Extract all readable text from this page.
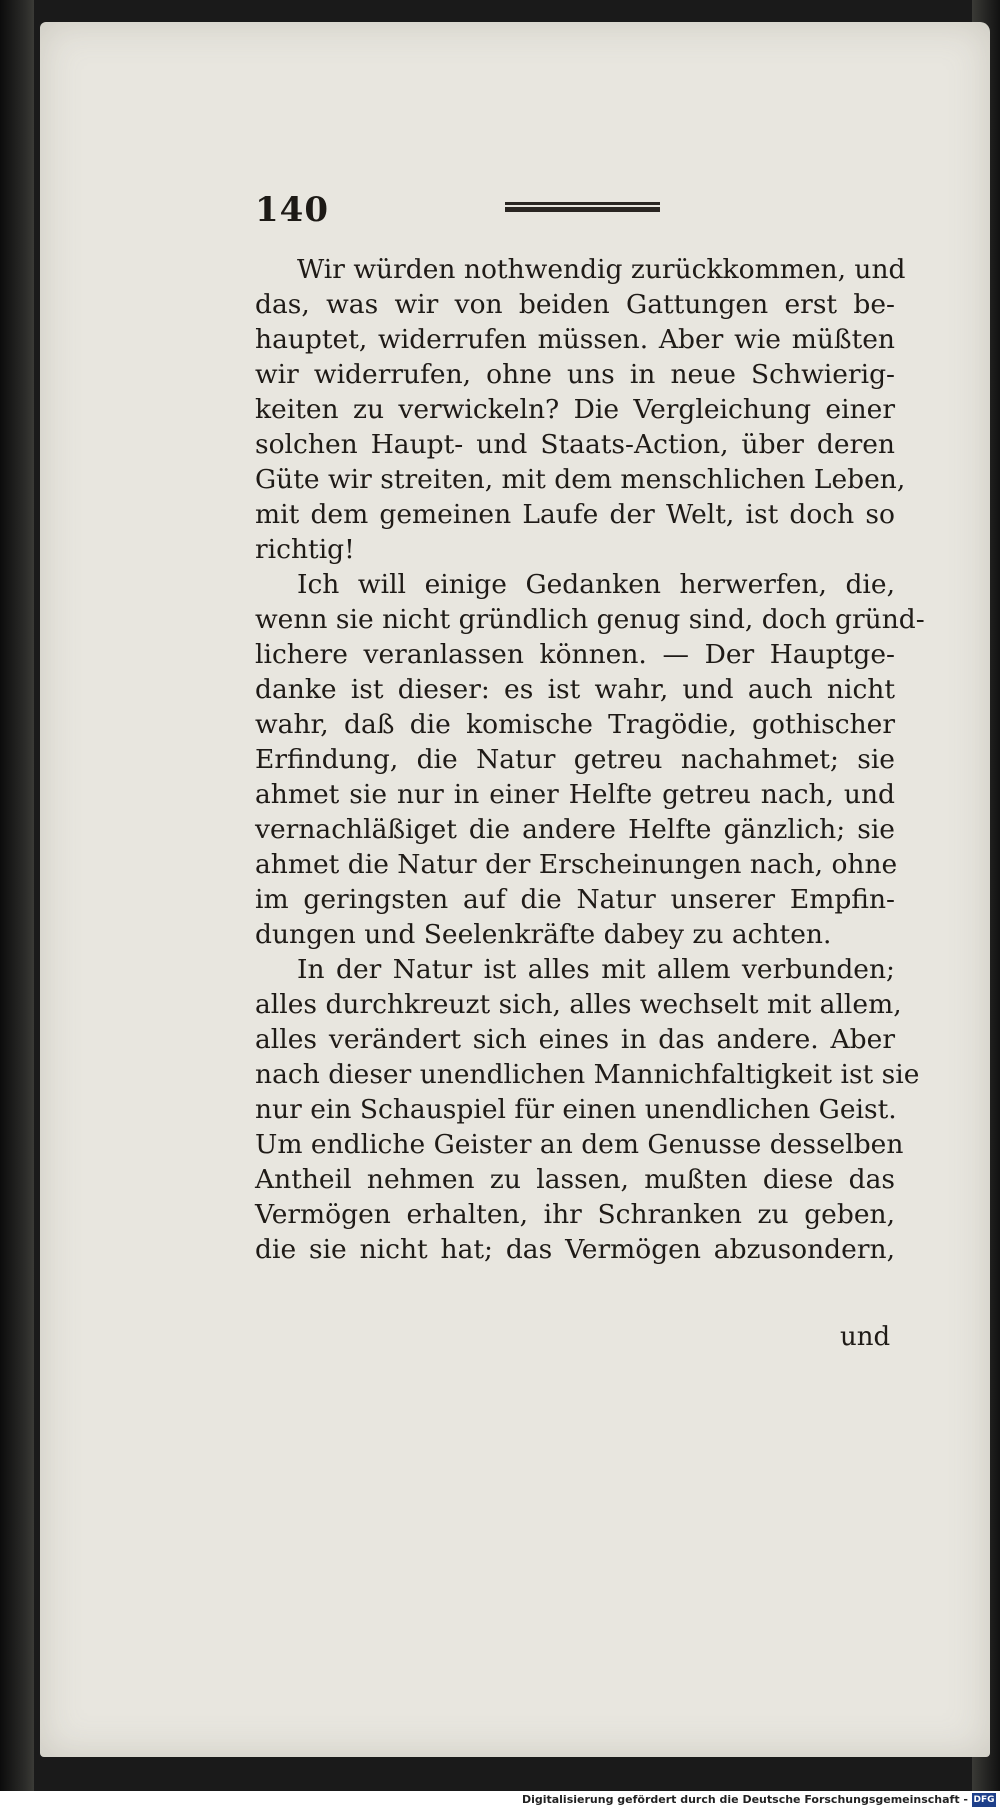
140

Wir würden nothwendig zurückkommen, und
das, was wir von beiden Gattungen erst be-
hauptet, widerrufen müssen. Aber wie müßten
wir widerrufen, ohne uns in neue Schwierig-
keiten zu verwickeln? Die Vergleichung einer
solchen Haupt- und Staats-Action, über deren
Güte wir streiten, mit dem menschlichen Leben,
mit dem gemeinen Laufe der Welt, ist doch so
richtig!

Ich will einige Gedanken herwerfen, die,
wenn sie nicht gründlich genug sind, doch gründ-
lichere veranlassen können. — Der Hauptge-
danke ist dieser: es ist wahr, und auch nicht
wahr, daß die komische Tragödie, gothischer
Erfindung, die Natur getreu nachahmet; sie
ahmet sie nur in einer Helfte getreu nach, und
vernachläßiget die andere Helfte gänzlich; sie
ahmet die Natur der Erscheinungen nach, ohne
im geringsten auf die Natur unserer Empfin-
dungen und Seelenkräfte dabey zu achten.

In der Natur ist alles mit allem verbunden;
alles durchkreuzt sich, alles wechselt mit allem,
alles verändert sich eines in das andere. Aber
nach dieser unendlichen Mannichfaltigkeit ist sie
nur ein Schauspiel für einen unendlichen Geist.
Um endliche Geister an dem Genusse desselben
Antheil nehmen zu lassen, mußten diese das
Vermögen erhalten, ihr Schranken zu geben,
die sie nicht hat; das Vermögen abzusondern,

und
Digitalisierung gefördert durch die Deutsche Forschungsgemeinschaft - DFG
